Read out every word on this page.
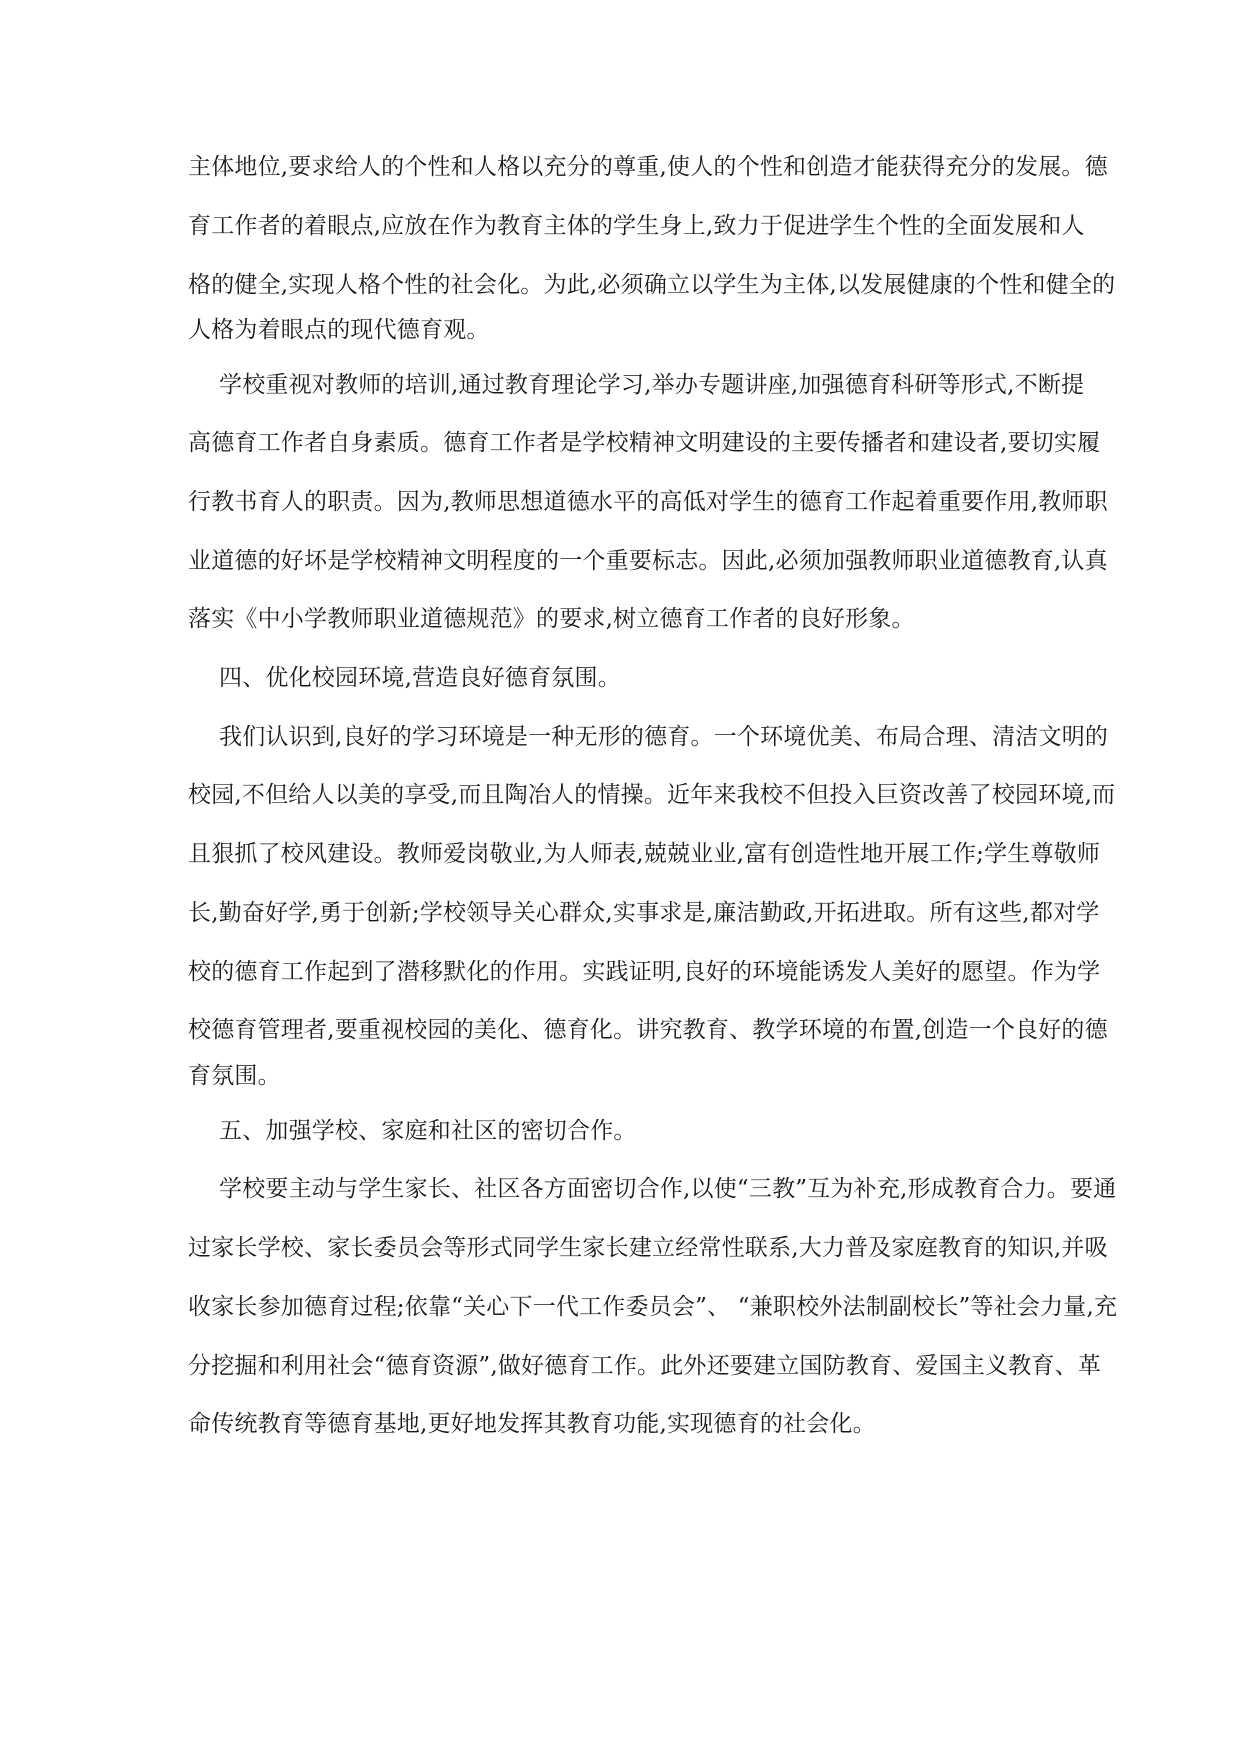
主体地位,要求给人的个性和人格以充分的尊重,使人的个性和创造才能获得充分的发展。德
育工作者的着眼点,应放在作为教育主体的学生身上,致力于促进学生个性的全面发展和人
格的健全,实现人格个性的社会化。为此,必须确立以学生为主体,以发展健康的个性和健全的
人格为着眼点的现代德育观。
学校重视对教师的培训,通过教育理论学习,举办专题讲座,加强德育科研等形式,不断提
高德育工作者自身素质。德育工作者是学校精神文明建设的主要传播者和建设者,要切实履
行教书育人的职责。因为,教师思想道德水平的高低对学生的德育工作起着重要作用,教师职
业道德的好坏是学校精神文明程度的一个重要标志。因此,必须加强教师职业道德教育,认真
落实《中小学教师职业道德规范》的要求,树立德育工作者的良好形象。
四、优化校园环境,营造良好德育氛围。
我们认识到,良好的学习环境是一种无形的德育。一个环境优美、布局合理、清洁文明的
校园,不但给人以美的享受,而且陶冶人的情操。近年来我校不但投入巨资改善了校园环境,而
且狠抓了校风建设。教师爱岗敬业,为人师表,兢兢业业,富有创造性地开展工作;学生尊敬师
长,勤奋好学,勇于创新;学校领导关心群众,实事求是,廉洁勤政,开拓进取。所有这些,都对学
校的德育工作起到了潜移默化的作用。实践证明,良好的环境能诱发人美好的愿望。作为学
校德育管理者,要重视校园的美化、德育化。讲究教育、教学环境的布置,创造一个良好的德
育氛围。
五、加强学校、家庭和社区的密切合作。
学校要主动与学生家长、社区各方面密切合作,以使“三教”互为补充,形成教育合力。要通
过家长学校、家长委员会等形式同学生家长建立经常性联系,大力普及家庭教育的知识,并吸
收家长参加德育过程;依靠“关心下一代工作委员会”、 “兼职校外法制副校长”等社会力量,充
分挖掘和利用社会“德育资源”,做好德育工作。此外还要建立国防教育、爱国主义教育、革
命传统教育等德育基地,更好地发挥其教育功能,实现德育的社会化。
